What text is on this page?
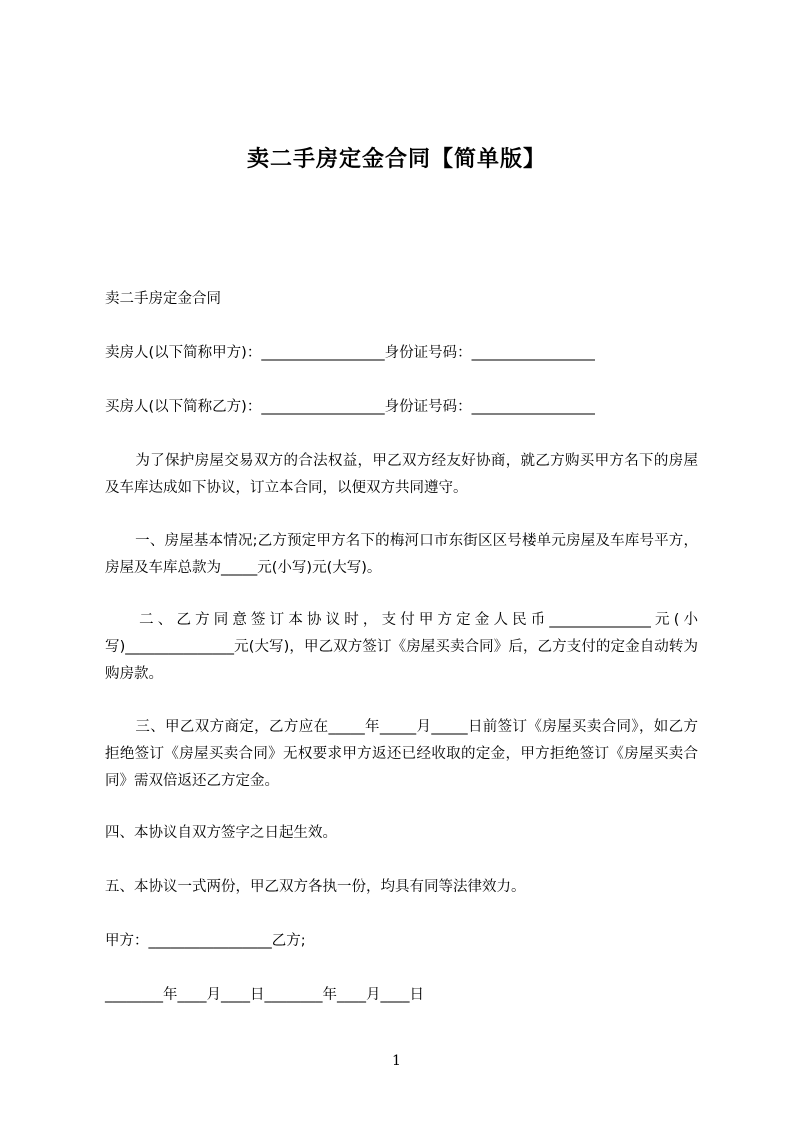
卖二手房定金合同【简单版】
卖二手房定金合同
卖房人(以下简称甲方)：_________________身份证号码：_________________
买房人(以下简称乙方)：_________________身份证号码：_________________
为了保护房屋交易双方的合法权益，甲乙双方经友好协商，就乙方购买甲方名下的房屋及车库达成如下协议，订立本合同，以便双方共同遵守。
一、房屋基本情况;乙方预定甲方名下的梅河口市东街区区号楼单元房屋及车库号平方，房屋及车库总款为_____元(小写)元(大写)。
二、乙方同意签订本协议时，支付甲方定金人民币______________元(小写)_______________元(大写)，甲乙双方签订《房屋买卖合同》后，乙方支付的定金自动转为购房款。
三、甲乙双方商定，乙方应在_____年_____月_____日前签订《房屋买卖合同》，如乙方拒绝签订《房屋买卖合同》无权要求甲方返还已经收取的定金，甲方拒绝签订《房屋买卖合同》需双倍返还乙方定金。
四、本协议自双方签字之日起生效。
五、本协议一式两份，甲乙双方各执一份，均具有同等法律效力。
甲方：_________________乙方;
________年____月____日________年____月____日
1
